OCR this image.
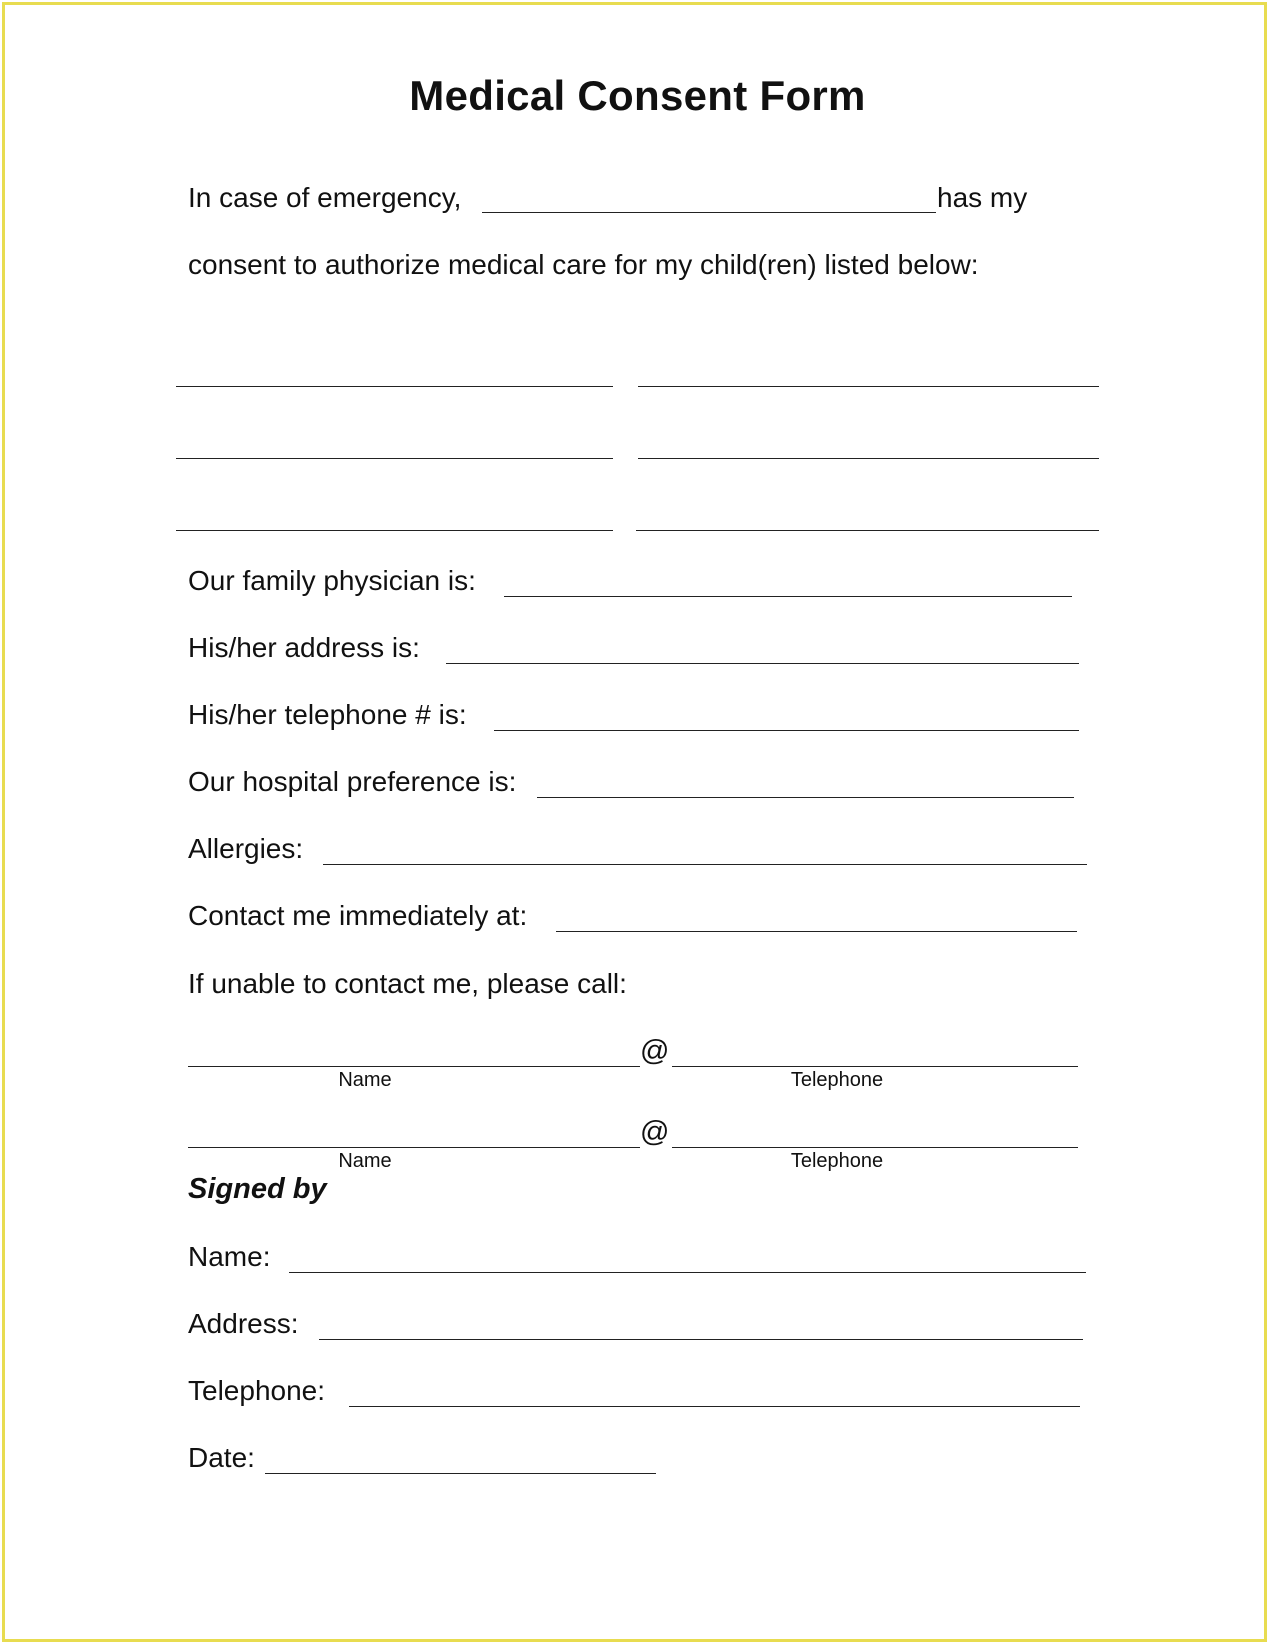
Medical Consent Form
In case of emergency,	has my
consent to authorize medical care for my child(ren) listed below:
Our family physician is:
His/her address is:
His/her telephone # is:
Our hospital preference is:
Allergies:
Contact me immediately at:
If unable to contact me, please call:
@
Name	Telephone
@
Name	Telephone
Signed by
Name:
Address:
Telephone:
Date:
